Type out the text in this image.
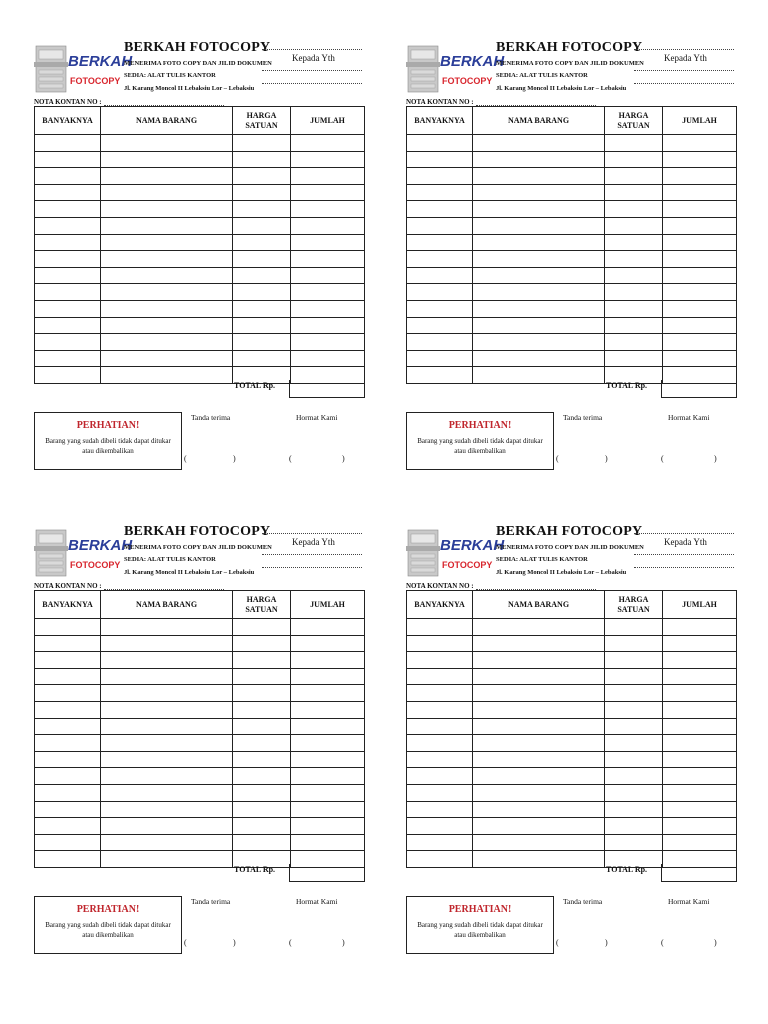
BERKAH
FOTOCOPY
BERKAH FOTOCOPY
MENERIMA FOTO COPY DAN JILID DOKUMEN
SEDIA: ALAT TULIS KANTOR
Jl. Karang Moncol II Lebaksiu Lor – Lebaksiu
Kepada Yth
NOTA KONTAN NO :
BANYAKNYA	NAMA BARANG	HARGA SATUAN	JUMLAH

TOTAL Rp.
PERHATIAN!
Barang yang sudah dibeli tidak dapat ditukar atau dikembalikan
Tanda terima	Hormat Kami
(	)	(	)
BERKAH
FOTOCOPY
BERKAH FOTOCOPY
MENERIMA FOTO COPY DAN JILID DOKUMEN
SEDIA: ALAT TULIS KANTOR
Jl. Karang Moncol II Lebaksiu Lor – Lebaksiu
Kepada Yth
NOTA KONTAN NO :
BANYAKNYA	NAMA BARANG	HARGA SATUAN	JUMLAH

TOTAL Rp.
PERHATIAN!
Barang yang sudah dibeli tidak dapat ditukar atau dikembalikan
Tanda terima	Hormat Kami
(	)	(	)
BERKAH
FOTOCOPY
BERKAH FOTOCOPY
MENERIMA FOTO COPY DAN JILID DOKUMEN
SEDIA: ALAT TULIS KANTOR
Jl. Karang Moncol II Lebaksiu Lor – Lebaksiu
Kepada Yth
NOTA KONTAN NO :
BANYAKNYA	NAMA BARANG	HARGA SATUAN	JUMLAH

TOTAL Rp.
PERHATIAN!
Barang yang sudah dibeli tidak dapat ditukar atau dikembalikan
Tanda terima	Hormat Kami
(	)	(	)
BERKAH
FOTOCOPY
BERKAH FOTOCOPY
MENERIMA FOTO COPY DAN JILID DOKUMEN
SEDIA: ALAT TULIS KANTOR
Jl. Karang Moncol II Lebaksiu Lor – Lebaksiu
Kepada Yth
NOTA KONTAN NO :
BANYAKNYA	NAMA BARANG	HARGA SATUAN	JUMLAH

TOTAL Rp.
PERHATIAN!
Barang yang sudah dibeli tidak dapat ditukar atau dikembalikan
Tanda terima	Hormat Kami
(	)	(	)
